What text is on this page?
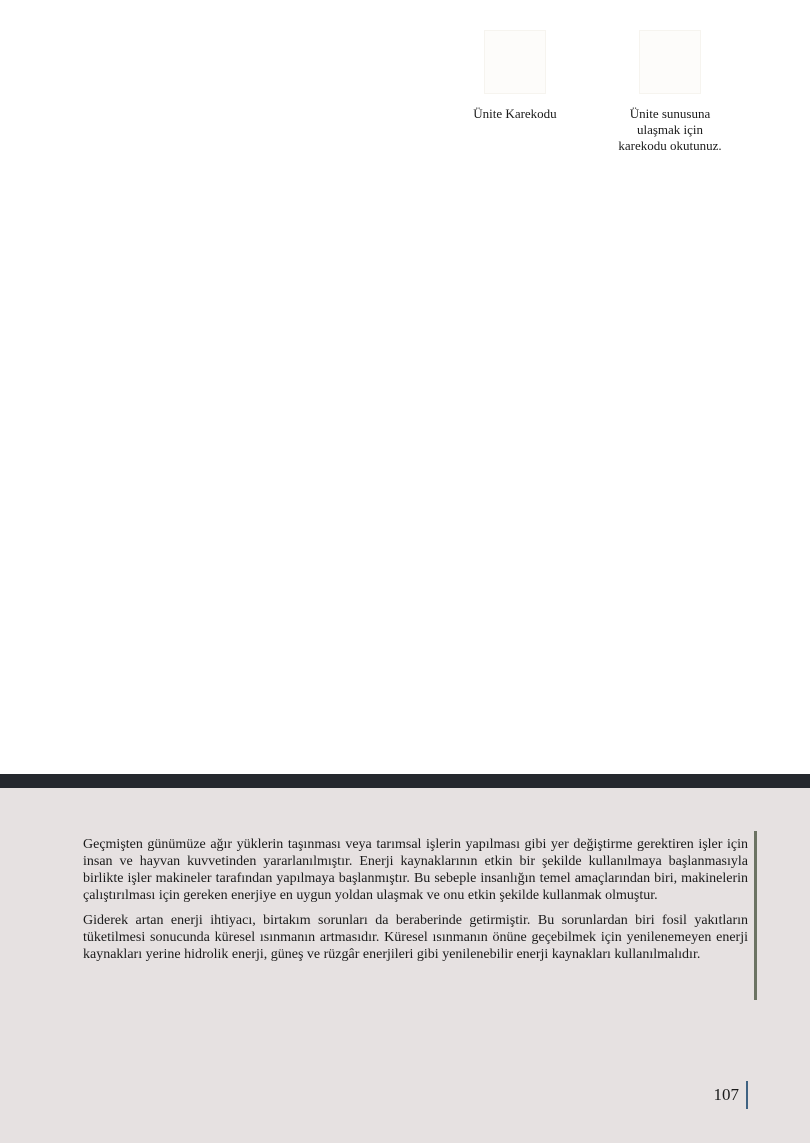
Ünite Karekodu	Ünite sunusuna
ulaşmak için
karekodu okutunuz.

Geçmişten günümüze ağır yüklerin taşınması veya tarımsal işlerin yapılması gibi yer değiştirme gerektiren işler için insan ve hayvan kuvvetinden yararlanılmıştır. Enerji kaynaklarının etkin bir şekilde kullanılmaya başlanmasıyla birlikte işler makineler tarafından yapılmaya başlanmıştır. Bu sebeple insanlığın temel amaçlarından biri, makinelerin çalıştırılması için gereken enerjiye en uygun yoldan ulaşmak ve onu etkin şekilde kullanmak olmuştur.

Giderek artan enerji ihtiyacı, birtakım sorunları da beraberinde getirmiştir. Bu sorunlardan biri fosil yakıtların tüketilmesi sonucunda küresel ısınmanın artmasıdır. Küresel ısınmanın önüne geçebilmek için yenilenemeyen enerji kaynakları yerine hidrolik enerji, güneş ve rüzgâr enerjileri gibi yenilenebilir enerji kaynakları kullanılmalıdır.

107
